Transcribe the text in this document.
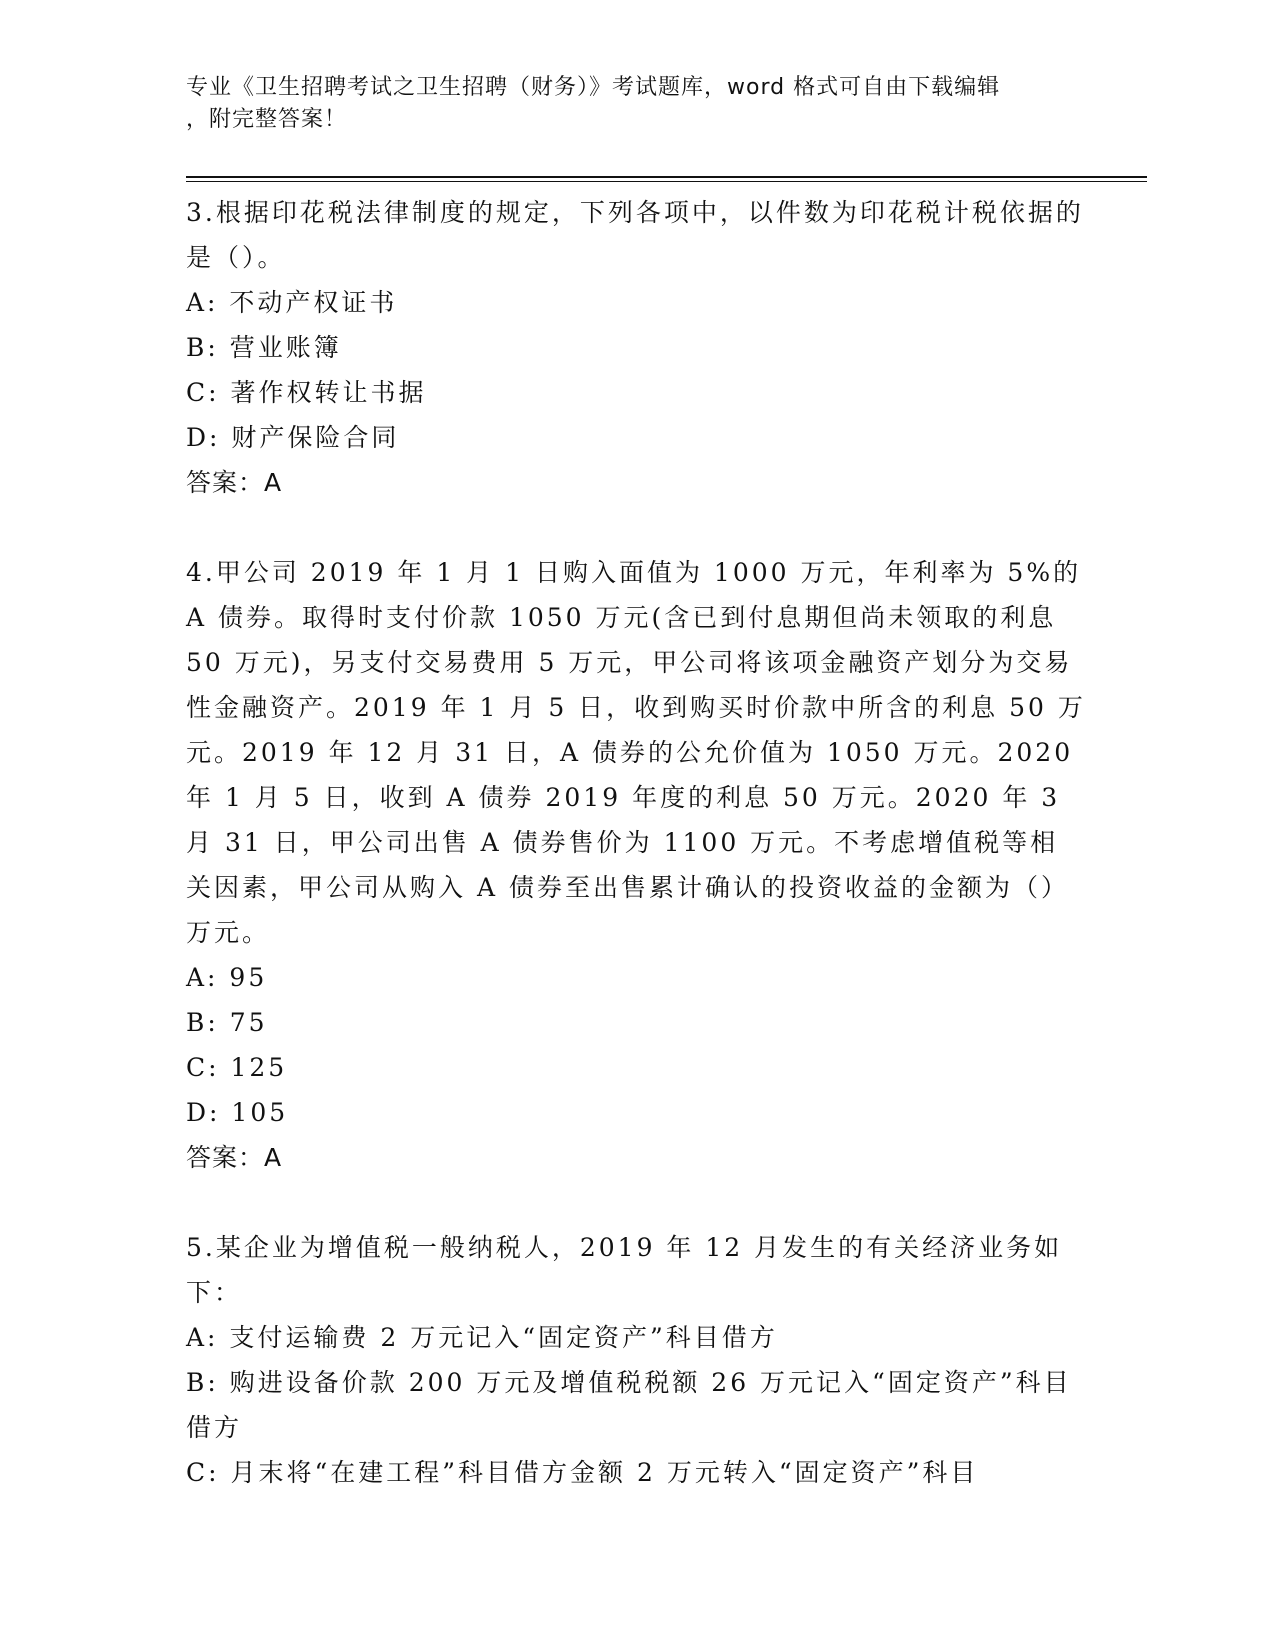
专业《卫生招聘考试之卫生招聘（财务）》考试题库，word 格式可自由下载编辑
，附完整答案！

3.根据印花税法律制度的规定，下列各项中，以件数为印花税计税依据的是（）。

A: 不动产权证书

B: 营业账簿

C: 著作权转让书据

D: 财产保险合同

答案：A

4.甲公司 2019 年 1 月 1 日购入面值为 1000 万元，年利率为 5%的 A 债券。取得时支付价款 1050 万元(含已到付息期但尚未领取的利息 50 万元)，另支付交易费用 5 万元，甲公司将该项金融资产划分为交易性金融资产。2019 年 1 月 5 日，收到购买时价款中所含的利息 50 万元。2019 年 12 月 31 日，A 债券的公允价值为 1050 万元。2020 年 1 月 5 日，收到 A 债券 2019 年度的利息 50 万元。2020 年 3 月 31 日，甲公司出售 A 债券售价为 1100 万元。不考虑增值税等相关因素，甲公司从购入 A 债券至出售累计确认的投资收益的金额为（）万元。

A: 95

B: 75

C: 125

D: 105

答案：A

5.某企业为增值税一般纳税人，2019 年 12 月发生的有关经济业务如下：

A: 支付运输费 2 万元记入“固定资产”科目借方

B: 购进设备价款 200 万元及增值税税额 26 万元记入“固定资产”科目借方

C: 月末将“在建工程”科目借方金额 2 万元转入“固定资产”科目
